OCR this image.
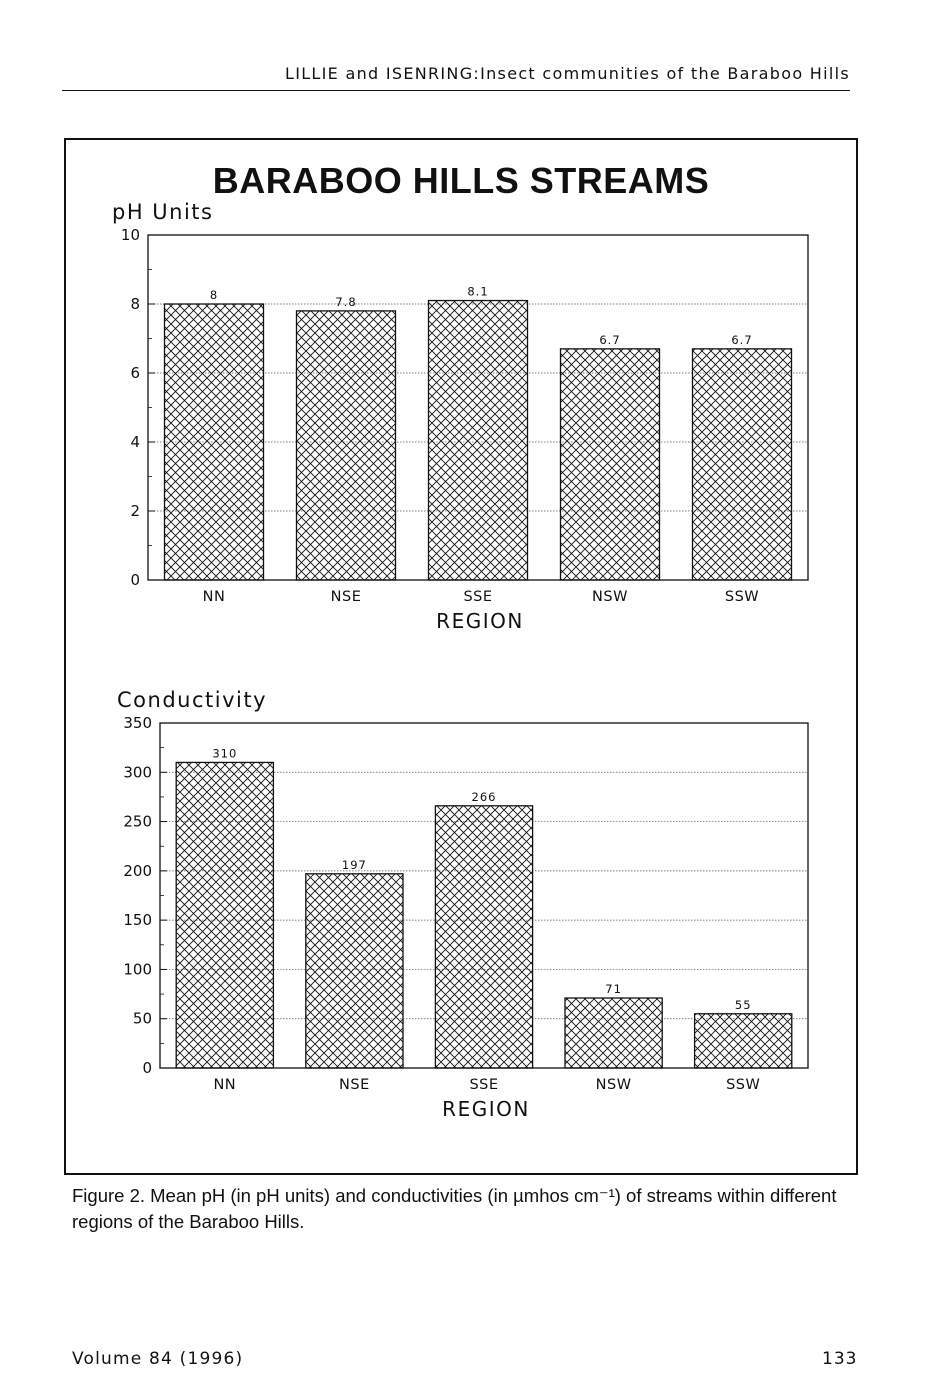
LILLIE and ISENRING:Insect communities of the Baraboo Hills
BARABOO HILLS STREAMS
pH Units
Conductivity
0
2
4
6
8
10
8
NN
7.8
NSE
8.1
SSE
6.7
NSW
6.7
SSW
REGION
0
50
100
150
200
250
300
350
310
NN
197
NSE
266
SSE
71
NSW
55
SSW
REGION
Figure 2. Mean pH (in pH units) and conductivities (in µmhos cm⁻¹) of streams within different regions of the Baraboo Hills.
Volume 84 (1996)	133
